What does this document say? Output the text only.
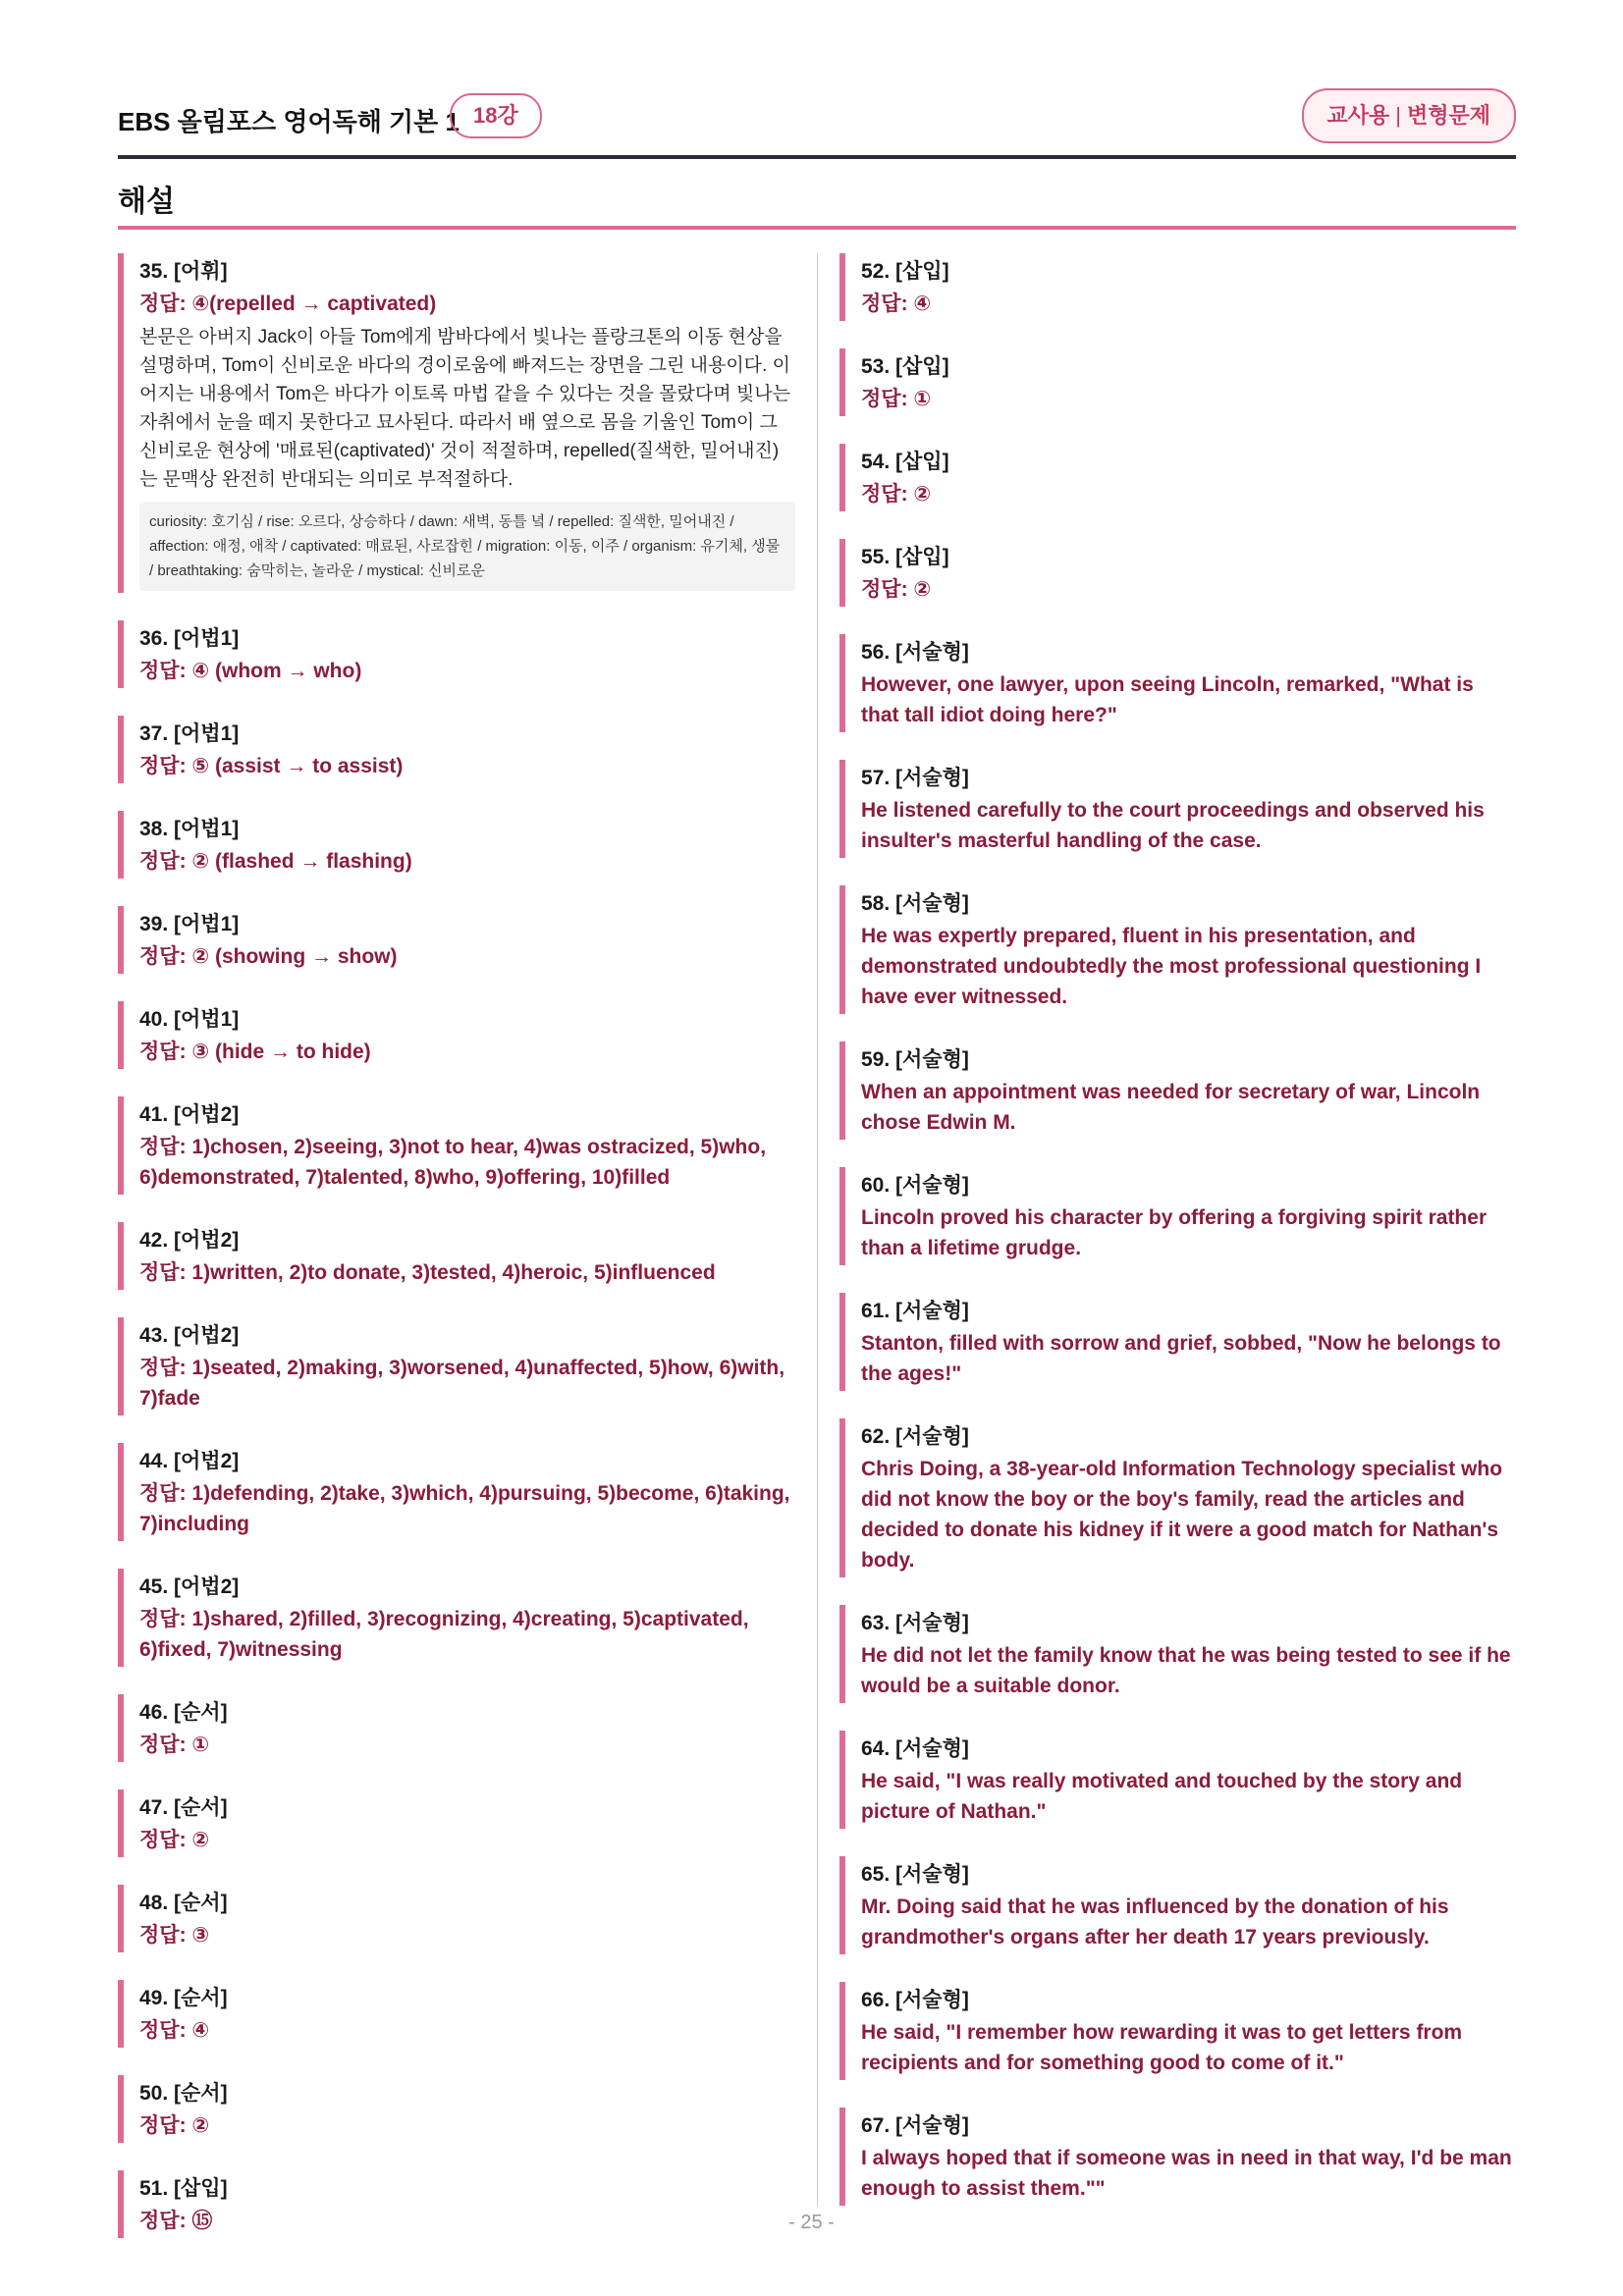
EBS 올림포스 영어독해 기본 1 18강	교사용 | 변형문제
해설
35. [어휘]
정답: ④(repelled → captivated)
본문은 아버지 Jack이 아들 Tom에게 밤바다에서 빛나는 플랑크톤의 이동 현상을 설명하며, Tom이 신비로운 바다의 경이로움에 빠져드는 장면을 그린 내용이다. 이어지는 내용에서 Tom은 바다가 이토록 마법 같을 수 있다는 것을 몰랐다며 빛나는 자취에서 눈을 떼지 못한다고 묘사된다. 따라서 배 옆으로 몸을 기울인 Tom이 그 신비로운 현상에 '매료된(captivated)' 것이 적절하며, repelled(질색한, 밀어내진)는 문맥상 완전히 반대되는 의미로 부적절하다.
curiosity: 호기심 / rise: 오르다, 상승하다 / dawn: 새벽, 동틀 녘 / repelled: 질색한, 밀어내진 / affection: 애정, 애착 / captivated: 매료된, 사로잡힌 / migration: 이동, 이주 / organism: 유기체, 생물 / breathtaking: 숨막히는, 놀라운 / mystical: 신비로운
36. [어법1]
정답: ④ (whom → who)
37. [어법1]
정답: ⑤ (assist → to assist)
38. [어법1]
정답: ② (flashed → flashing)
39. [어법1]
정답: ② (showing → show)
40. [어법1]
정답: ③ (hide → to hide)
41. [어법2]
정답: 1)chosen, 2)seeing, 3)not to hear, 4)was ostracized, 5)who, 6)demonstrated, 7)talented, 8)who, 9)offering, 10)filled
42. [어법2]
정답: 1)written, 2)to donate, 3)tested, 4)heroic, 5)influenced
43. [어법2]
정답: 1)seated, 2)making, 3)worsened, 4)unaffected, 5)how, 6)with, 7)fade
44. [어법2]
정답: 1)defending, 2)take, 3)which, 4)pursuing, 5)become, 6)taking, 7)including
45. [어법2]
정답: 1)shared, 2)filled, 3)recognizing, 4)creating, 5)captivated, 6)fixed, 7)witnessing
46. [순서]
정답: ①
47. [순서]
정답: ②
48. [순서]
정답: ③
49. [순서]
정답: ④
50. [순서]
정답: ②
51. [삽입]
정답: ⑮
52. [삽입]
정답: ④
53. [삽입]
정답: ①
54. [삽입]
정답: ②
55. [삽입]
정답: ②
56. [서술형]
However, one lawyer, upon seeing Lincoln, remarked, "What is that tall idiot doing here?"
57. [서술형]
He listened carefully to the court proceedings and observed his insulter's masterful handling of the case.
58. [서술형]
He was expertly prepared, fluent in his presentation, and demonstrated undoubtedly the most professional questioning I have ever witnessed.
59. [서술형]
When an appointment was needed for secretary of war, Lincoln chose Edwin M.
60. [서술형]
Lincoln proved his character by offering a forgiving spirit rather than a lifetime grudge.
61. [서술형]
Stanton, filled with sorrow and grief, sobbed, "Now he belongs to the ages!"
62. [서술형]
Chris Doing, a 38-year-old Information Technology specialist who did not know the boy or the boy's family, read the articles and decided to donate his kidney if it were a good match for Nathan's body.
63. [서술형]
He did not let the family know that he was being tested to see if he would be a suitable donor.
64. [서술형]
He said, "I was really motivated and touched by the story and picture of Nathan."
65. [서술형]
Mr. Doing said that he was influenced by the donation of his grandmother's organs after her death 17 years previously.
66. [서술형]
He said, "I remember how rewarding it was to get letters from recipients and for something good to come of it."
67. [서술형]
I always hoped that if someone was in need in that way, I'd be man enough to assist them.""
- 25 -
